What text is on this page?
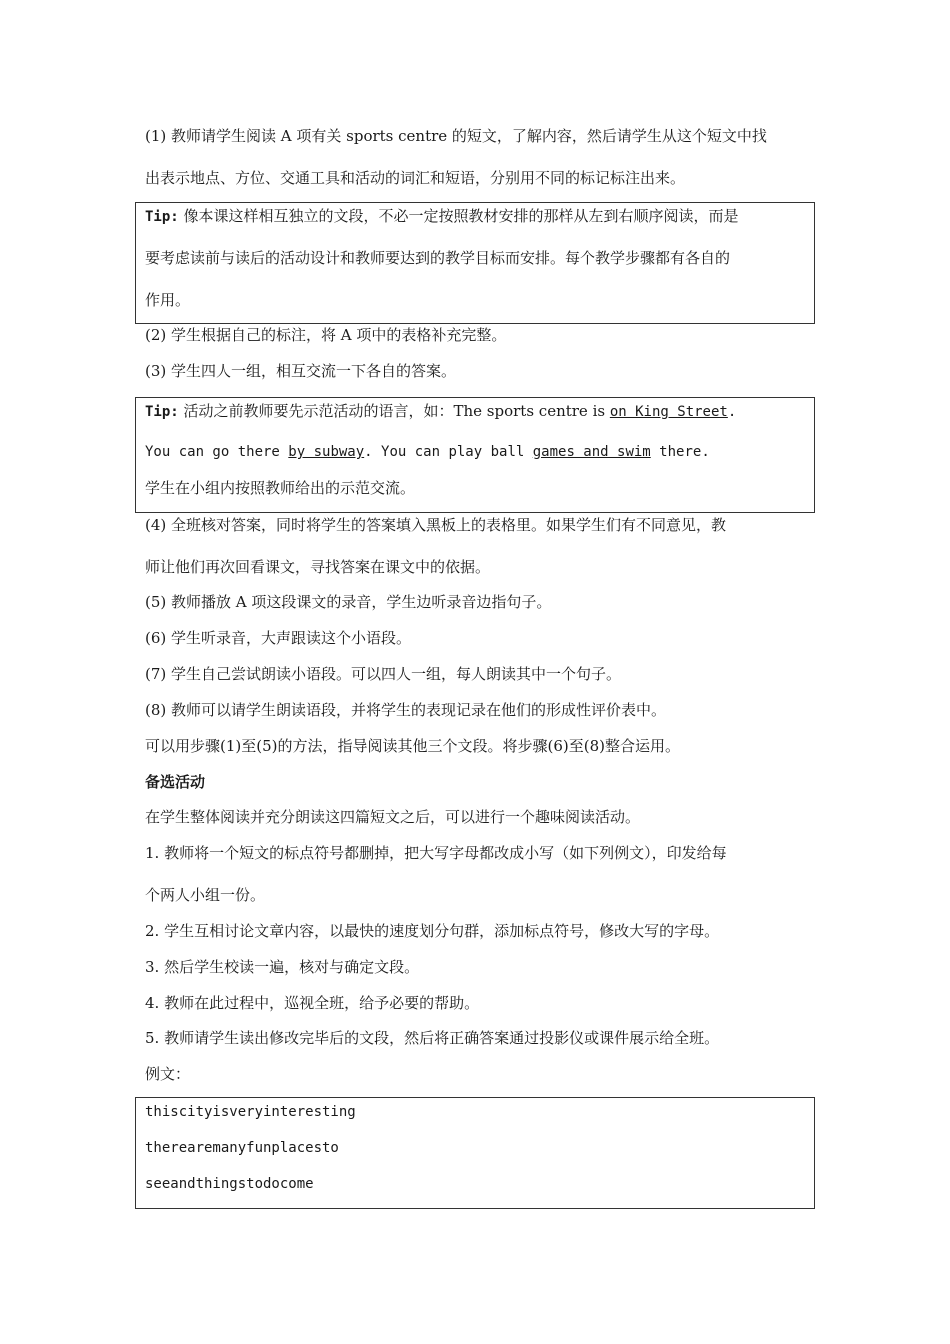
(1) 教师请学生阅读 A 项有关 sports centre 的短文，了解内容，然后请学生从这个短文中找
出表示地点、方位、交通工具和活动的词汇和短语，分别用不同的标记标注出来。
Tip: 像本课这样相互独立的文段，不必一定按照教材安排的那样从左到右顺序阅读，而是
要考虑读前与读后的活动设计和教师要达到的教学目标而安排。每个教学步骤都有各自的
作用。
(2) 学生根据自己的标注，将 A 项中的表格补充完整。
(3) 学生四人一组，相互交流一下各自的答案。
Tip: 活动之前教师要先示范活动的语言，如：The sports centre is on King Street.
You can go there by subway. You can play ball games and swim there.
学生在小组内按照教师给出的示范交流。
(4) 全班核对答案，同时将学生的答案填入黑板上的表格里。如果学生们有不同意见，教
师让他们再次回看课文，寻找答案在课文中的依据。
(5) 教师播放 A 项这段课文的录音，学生边听录音边指句子。
(6) 学生听录音，大声跟读这个小语段。
(7) 学生自己尝试朗读小语段。可以四人一组，每人朗读其中一个句子。
(8) 教师可以请学生朗读语段，并将学生的表现记录在他们的形成性评价表中。
可以用步骤(1)至(5)的方法，指导阅读其他三个文段。将步骤(6)至(8)整合运用。
备选活动
在学生整体阅读并充分朗读这四篇短文之后，可以进行一个趣味阅读活动。
1. 教师将一个短文的标点符号都删掉，把大写字母都改成小写（如下列例文），印发给每
个两人小组一份。
2. 学生互相讨论文章内容，以最快的速度划分句群，添加标点符号，修改大写的字母。
3. 然后学生校读一遍，核对与确定文段。
4. 教师在此过程中，巡视全班，给予必要的帮助。
5. 教师请学生读出修改完毕后的文段，然后将正确答案通过投影仪或课件展示给全班。
例文：
thiscityisveryinteresting
therearemanyfunplacesto
seeandthingstodocome
